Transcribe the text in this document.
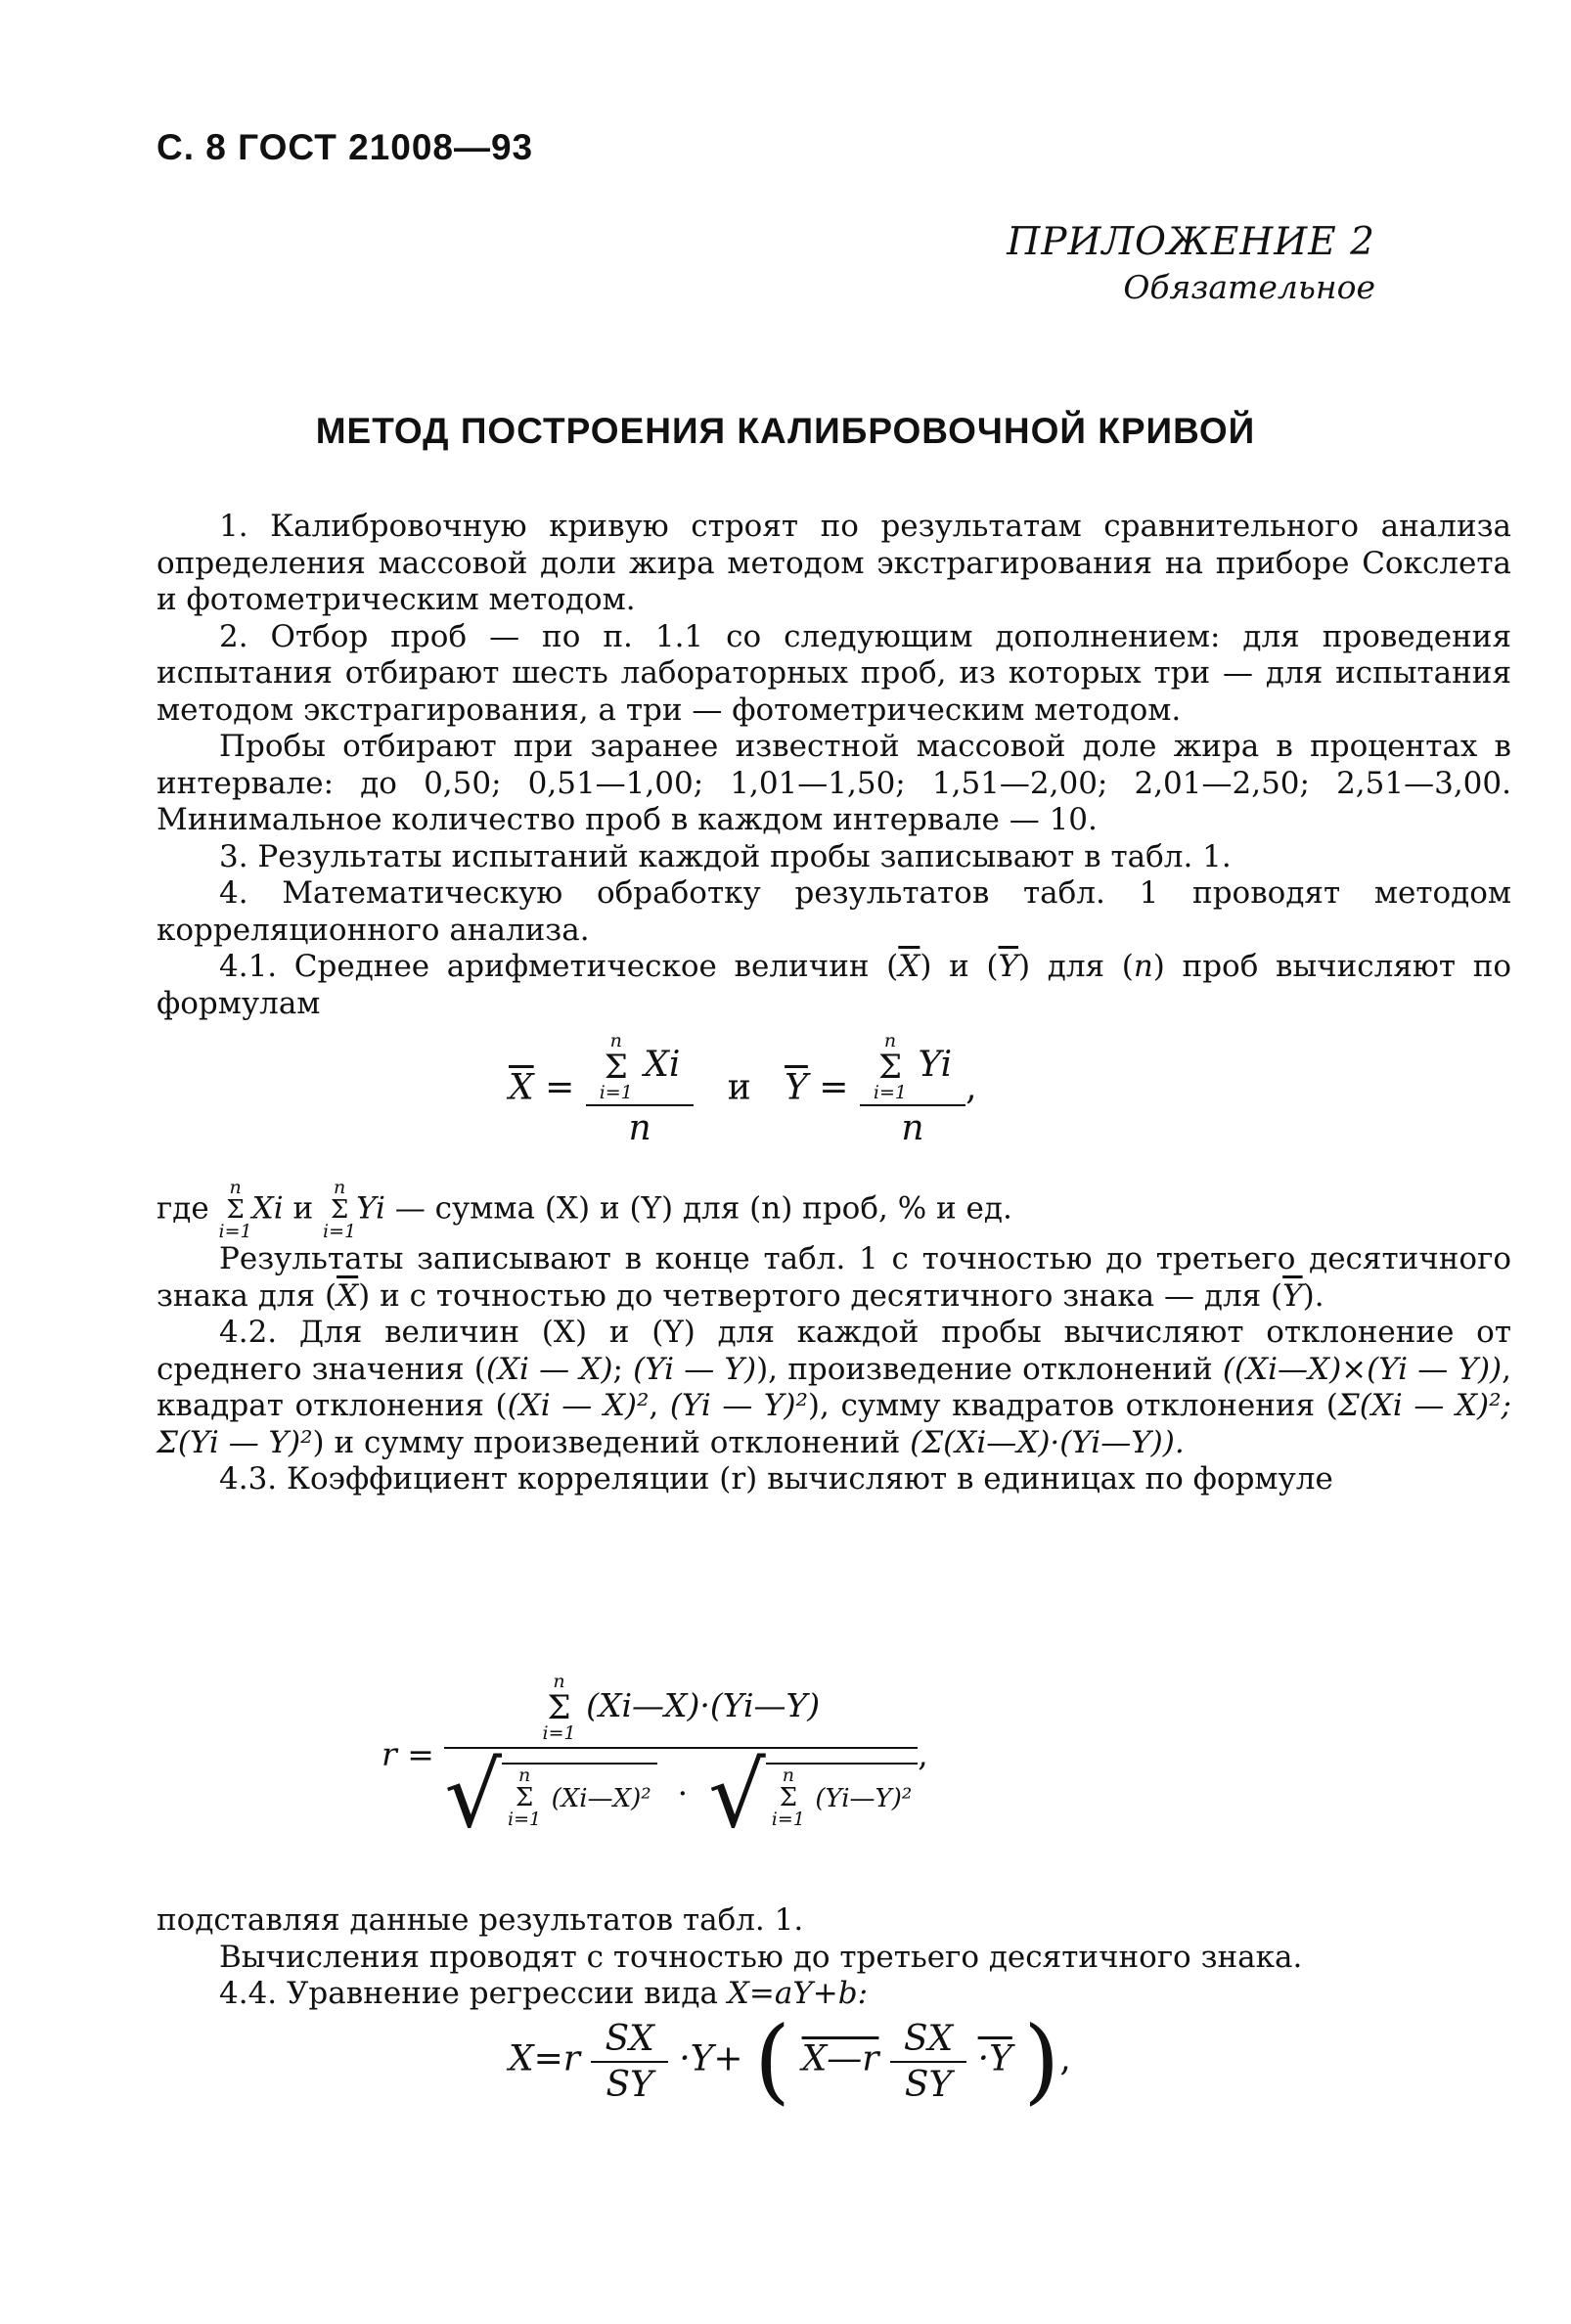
С. 8 ГОСТ 21008—93
ПРИЛОЖЕНИЕ 2
Обязательное
МЕТОД ПОСТРОЕНИЯ КАЛИБРОВОЧНОЙ КРИВОЙ

1. Калибровочную кривую строят по результатам сравнительного анализа определения массовой доли жира методом экстрагирования на приборе Сокслета и фотометрическим методом.

2. Отбор проб — по п. 1.1 со следующим дополнением: для проведения испытания отбирают шесть лабораторных проб, из которых три — для испытания методом экстрагирования, а три — фотометрическим методом.

Пробы отбирают при заранее известной массовой доле жира в процентах в интервале: до 0,50; 0,51—1,00; 1,01—1,50; 1,51—2,00; 2,01—2,50; 2,51—3,00. Минимальное количество проб в каждом интервале — 10.

3. Результаты испытаний каждой пробы записывают в табл. 1.

4. Математическую обработку результатов табл. 1 проводят методом корреляционного анализа.

4.1. Среднее арифметическое величин $(\overline{X})$ и $(\overline{Y})$ для (n) проб вычисляют по формулам

$\overline{X} = n$
Σ
i=1
Xi
n и $\overline{Y} = n$
Σ
i=1
Yi
n ,

где
n
Σ
i=1
Xi и
n
Σ
i=1
Yi — сумма (X) и (Y) для (n) проб, % и ед.

Результаты записывают в конце табл. 1 с точностью до третьего десятичного знака для $(\overline{X})$ и с точностью до четвертого десятичного знака — для $(\overline{Y})$.

4.2. Для величин (X) и (Y) для каждой пробы вычисляют отклонение от среднего значения ((Xi — X); (Yi — Y)), произведение отклонений ((Xi—X)×(Yi — Y)), квадрат отклонения ((Xi — X)², (Yi — Y)²), сумму квадратов отклонения (Σ(Xi — X)²; Σ(Yi — Y)²) и сумму произведений отклонений (Σ(Xi—X)·(Yi—Y)).

4.3. Коэффициент корреляции (r) вычисляют в единицах по формуле

r =
n
Σ
i=1
(Xi—X)·(Yi—Y)
√ n
Σ
i=1
(Xi—X)²  ·  √ n
Σ
i=1
(Yi—Y)²
,

подставляя данные результатов табл. 1.

Вычисления проводят с точностью до третьего десятичного знака.

4.4. Уравнение регрессии вида X=aY+b:

$X=r \frac{SX}{SY} \cdot Y+$ ( X—r $\frac{SX}{SY} \cdot Y$ ),
